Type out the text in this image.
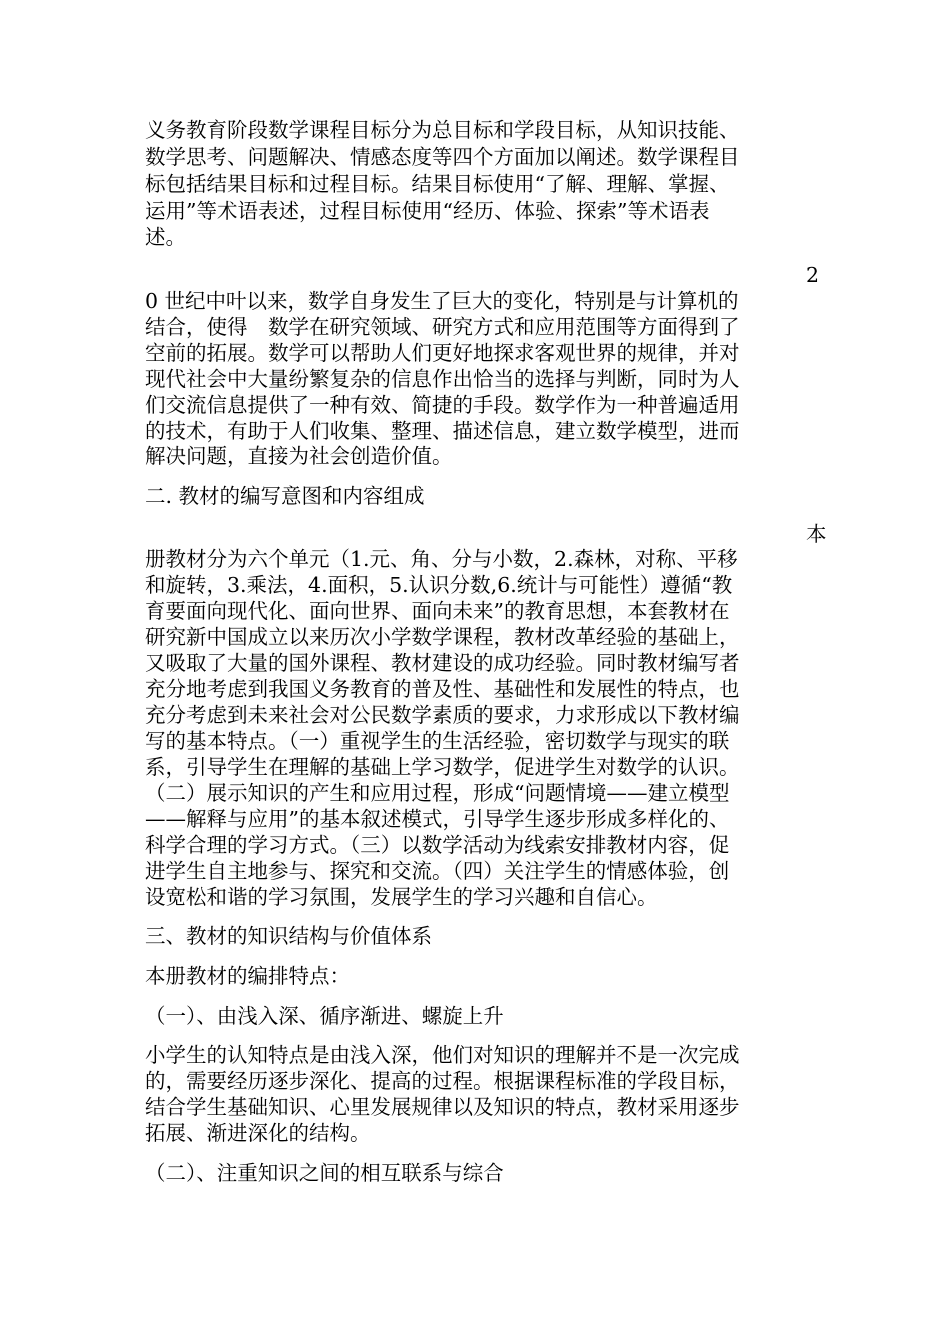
义务教育阶段数学课程目标分为总目标和学段目标，从知识技能、

数学思考、问题解决、情感态度等四个方面加以阐述。数学课程目

标包括结果目标和过程目标。结果目标使用“了解、理解、掌握、

运用”等术语表述，过程目标使用“经历、体验、探索”等术语表

述。

2

0 世纪中叶以来，数学自身发生了巨大的变化，特别是与计算机的

结合，使得　数学在研究领域、研究方式和应用范围等方面得到了

空前的拓展。数学可以帮助人们更好地探求客观世界的规律，并对

现代社会中大量纷繁复杂的信息作出恰当的选择与判断，同时为人

们交流信息提供了一种有效、简捷的手段。数学作为一种普遍适用

的技术，有助于人们收集、整理、描述信息，建立数学模型，进而

解决问题，直接为社会创造价值。

二. 教材的编写意图和内容组成

本

册教材分为六个单元（1.元、角、分与小数，2.森林，对称、平移

和旋转，3.乘法，4.面积，5.认识分数,6.统计与可能性）遵循“教

育要面向现代化、面向世界、面向未来”的教育思想，本套教材在

研究新中国成立以来历次小学数学课程，教材改革经验的基础上，

又吸取了大量的国外课程、教材建设的成功经验。同时教材编写者

充分地考虑到我国义务教育的普及性、基础性和发展性的特点，也

充分考虑到未来社会对公民数学素质的要求，力求形成以下教材编

写的基本特点。（一）重视学生的生活经验，密切数学与现实的联

系，引导学生在理解的基础上学习数学，促进学生对数学的认识。

（二）展示知识的产生和应用过程，形成“问题情境——建立模型

——解释与应用”的基本叙述模式，引导学生逐步形成多样化的、

科学合理的学习方式。（三）以数学活动为线索安排教材内容，促

进学生自主地参与、探究和交流。（四）关注学生的情感体验，创

设宽松和谐的学习氛围，发展学生的学习兴趣和自信心。

三、教材的知识结构与价值体系

本册教材的编排特点：

（一）、由浅入深、循序渐进、螺旋上升

小学生的认知特点是由浅入深，他们对知识的理解并不是一次完成

的，需要经历逐步深化、提高的过程。根据课程标准的学段目标，

结合学生基础知识、心里发展规律以及知识的特点，教材采用逐步

拓展、渐进深化的结构。

（二）、注重知识之间的相互联系与综合
